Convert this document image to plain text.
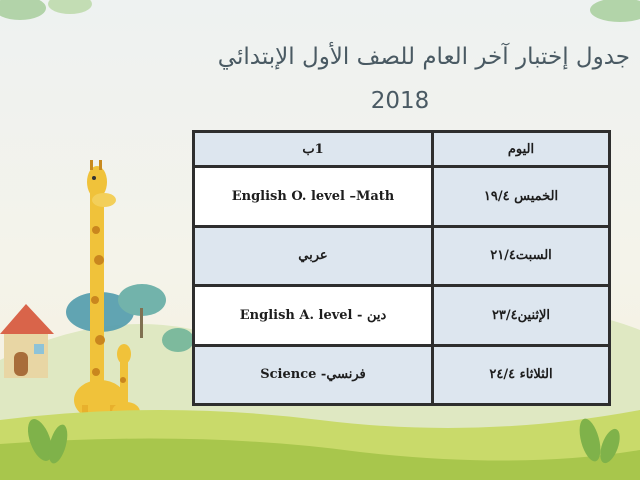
جدول إختبار آخر العام للصف الأول الإبتدائي
2018
اليوم	1ب
الخميس ١٩/٤	English O. level –Math
السبت٢١/٤	عربي
الإثنين٢٣/٤	English A. level - دين
الثلاثاء ٢٤/٤	Science -فرنسي
